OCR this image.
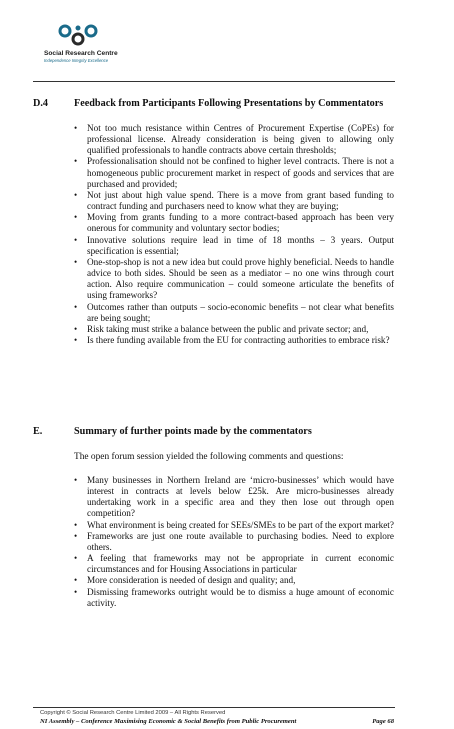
Social Research Centre
Independence Integrity Excellence
D.4	Feedback from Participants Following Presentations by Commentators
• Not too much resistance within Centres of Procurement Expertise (CoPEs) for professional license. Already consideration is being given to allowing only qualified professionals to handle contracts above certain thresholds;
• Professionalisation should not be confined to higher level contracts. There is not a homogeneous public procurement market in respect of goods and services that are purchased and provided;
• Not just about high value spend. There is a move from grant based funding to contract funding and purchasers need to know what they are buying;
• Moving from grants funding to a more contract-based approach has been very onerous for community and voluntary sector bodies;
• Innovative solutions require lead in time of 18 months – 3 years. Output specification is essential;
• One-stop-shop is not a new idea but could prove highly beneficial. Needs to handle advice to both sides. Should be seen as a mediator – no one wins through court action. Also require communication – could someone articulate the benefits of using frameworks?
• Outcomes rather than outputs – socio-economic benefits – not clear what benefits are being sought;
• Risk taking must strike a balance between the public and private sector; and,
• Is there funding available from the EU for contracting authorities to embrace risk?
E.	Summary of further points made by the commentators
The open forum session yielded the following comments and questions:
• Many businesses in Northern Ireland are ‘micro-businesses’ which would have interest in contracts at levels below £25k. Are micro-businesses already undertaking work in a specific area and they then lose out through open competition?
• What environment is being created for SEEs/SMEs to be part of the export market?
• Frameworks are just one route available to purchasing bodies. Need to explore others.
• A feeling that frameworks may not be appropriate in current economic circumstances and for Housing Associations in particular
• More consideration is needed of design and quality; and,
• Dismissing frameworks outright would be to dismiss a huge amount of economic activity.
Copyright © Social Research Centre Limited 2009 – All Rights Reserved
NI Assembly – Conference Maximising Economic & Social Benefits from Public Procurement	Page 68
